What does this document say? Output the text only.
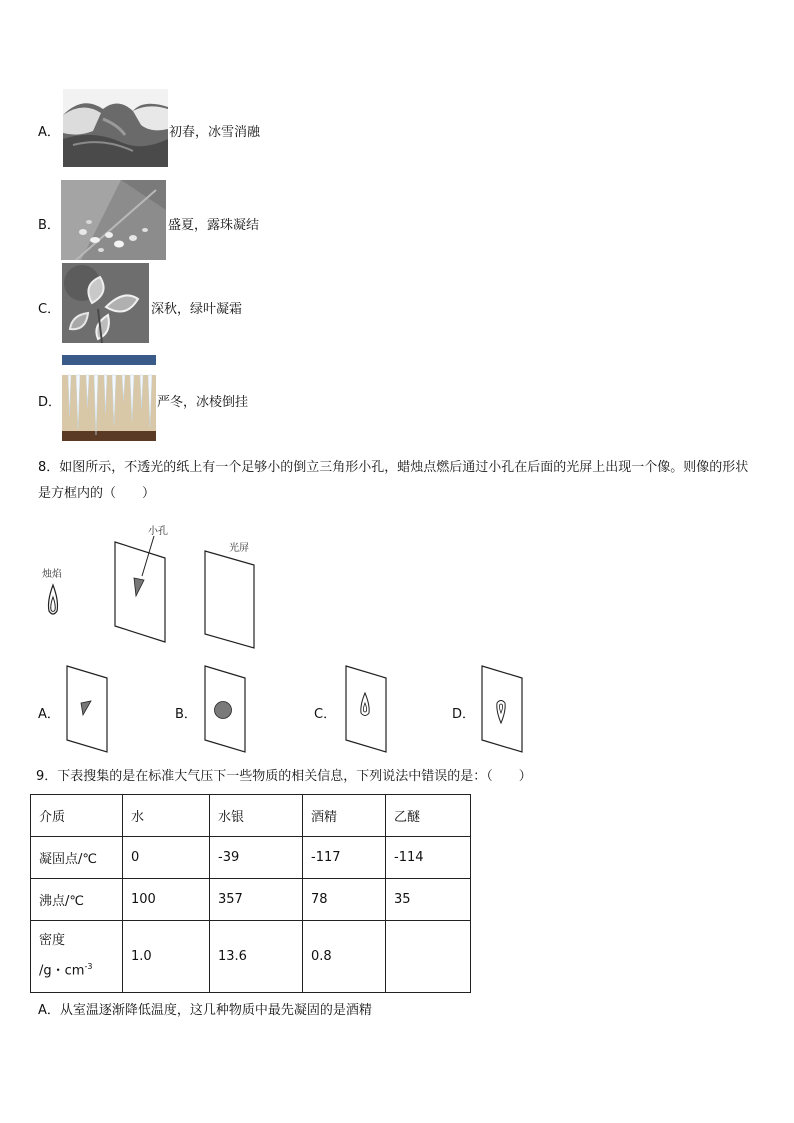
A．	初春，冰雪消融
B．	盛夏，露珠凝结
C．	深秋，绿叶凝霜
D．	严冬，冰棱倒挂
8．如图所示，不透光的纸上有一个足够小的倒立三角形小孔，蜡烛点燃后通过小孔在后面的光屏上出现一个像。则像的形状是方框内的（　　）
烛焰
小孔
光屏
A．	B．	C．	D．
9．下表搜集的是在标准大气压下一些物质的相关信息，下列说法中错误的是：（　　）
介质	水	水银	酒精	乙醚
凝固点/℃	0	-39	-117	-114
沸点/℃	100	357	78	35
密度
/g・$cm^{-3}$	1.0	13.6	0.8	
A．从室温逐渐降低温度，这几种物质中最先凝固的是酒精
